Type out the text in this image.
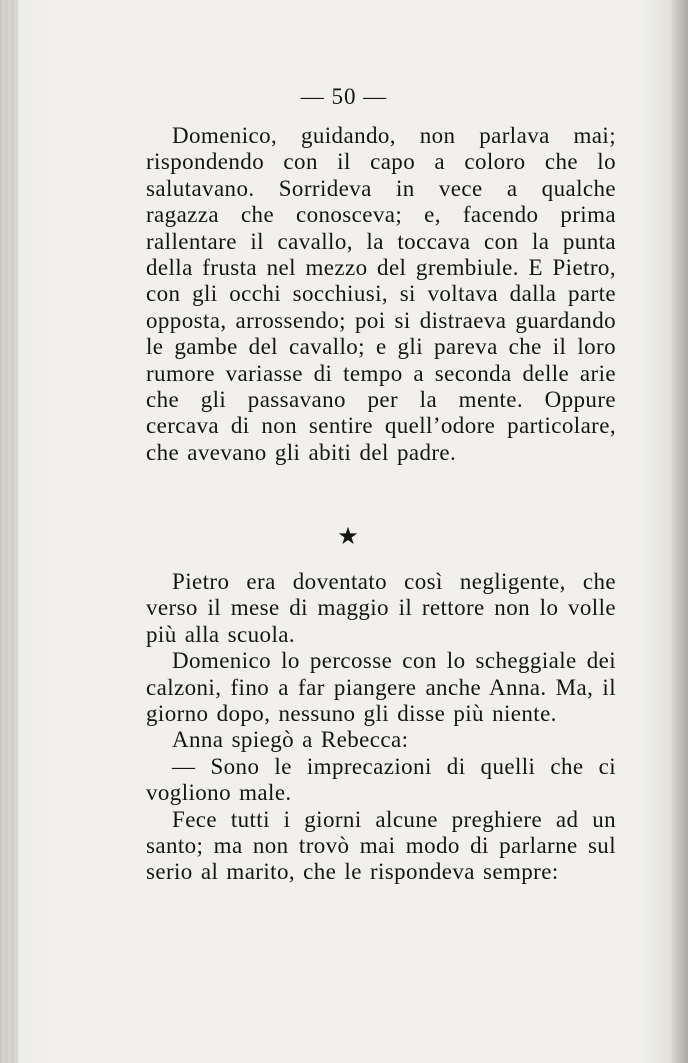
— 50 —

Domenico, guidando, non parlava mai; rispondendo con il capo a coloro che lo salutavano. Sorrideva in vece a qualche ragazza che conosceva; e, facendo prima rallentare il cavallo, la toccava con la punta della frusta nel mezzo del grembiule. E Pietro, con gli occhi socchiusi, si voltava dalla parte opposta, arrossendo; poi si distraeva guardando le gambe del cavallo; e gli pareva che il loro rumore variasse di tempo a seconda delle arie che gli passavano per la mente. Oppure cercava di non sentire quell’odore particolare, che avevano gli abiti del padre.

★

Pietro era doventato così negligente, che verso il mese di maggio il rettore non lo volle più alla scuola.

Domenico lo percosse con lo scheggiale dei calzoni, fino a far piangere anche Anna. Ma, il giorno dopo, nessuno gli disse più niente.

Anna spiegò a Rebecca:

— Sono le imprecazioni di quelli che ci vogliono male.

Fece tutti i giorni alcune preghiere ad un santo; ma non trovò mai modo di parlarne sul serio al marito, che le rispondeva sempre:
